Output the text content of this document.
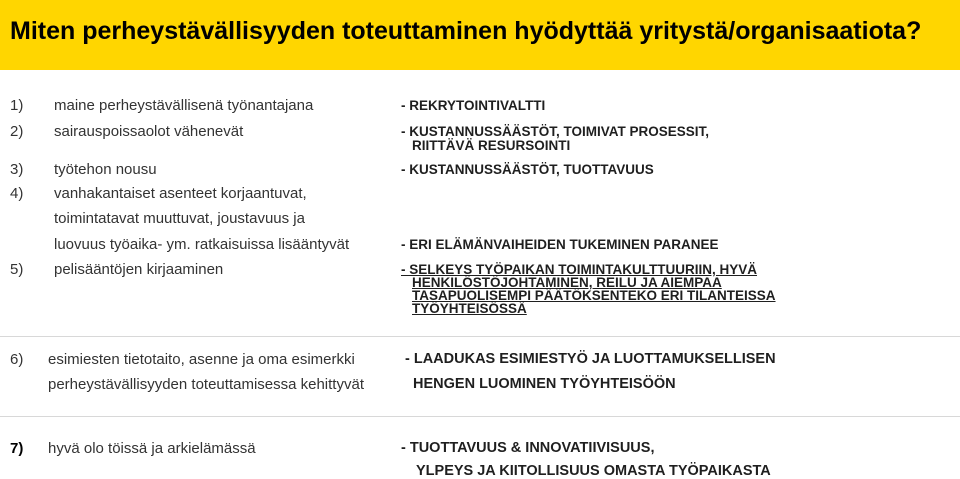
Miten perheystävällisyyden toteuttaminen hyödyttää yritystä/organisaatiota?
1) maine perheystävällisenä työnantajana	- REKRYTOINTIVALTTI
2) sairauspoissaolot vähenevät	- KUSTANNUSSÄÄSTÖT, TOIMIVAT PROSESSIT,
RIITTÄVÄ RESURSOINTI
3) työtehon nousu	- KUSTANNUSSÄÄSTÖT, TUOTTAVUUS
4) vanhakantaiset asenteet korjaantuvat,
toimintatavat muuttuvat, joustavuus ja
luovuus työaika- ym. ratkaisuissa lisääntyvät	- ERI ELÄMÄNVAIHEIDEN TUKEMINEN PARANEE
5) pelisääntöjen kirjaaminen	- SELKEYS TYÖPAIKAN TOIMINTAKULTTUURIIN, HYVÄ
HENKILÖSTÖJOHTAMINEN, REILU JA AIEMPAA
TASAPUOLISEMPI PÄÄTÖKSENTEKO ERI TILANTEISSA
TYÖYHTEISÖSSÄ
6) esimiesten tietotaito, asenne ja oma esimerkki
perheystävällisyyden toteuttamisessa kehittyvät
- LAADUKAS ESIMIESTYÖ JA LUOTTAMUKSELLISEN
HENGEN LUOMINEN TYÖYHTEISÖÖN
7) hyvä olo töissä ja arkielämässä	- TUOTTAVUUS & INNOVATIIVISUUS,
YLPEYS JA KIITOLLISUUS OMASTA TYÖPAIKASTA
